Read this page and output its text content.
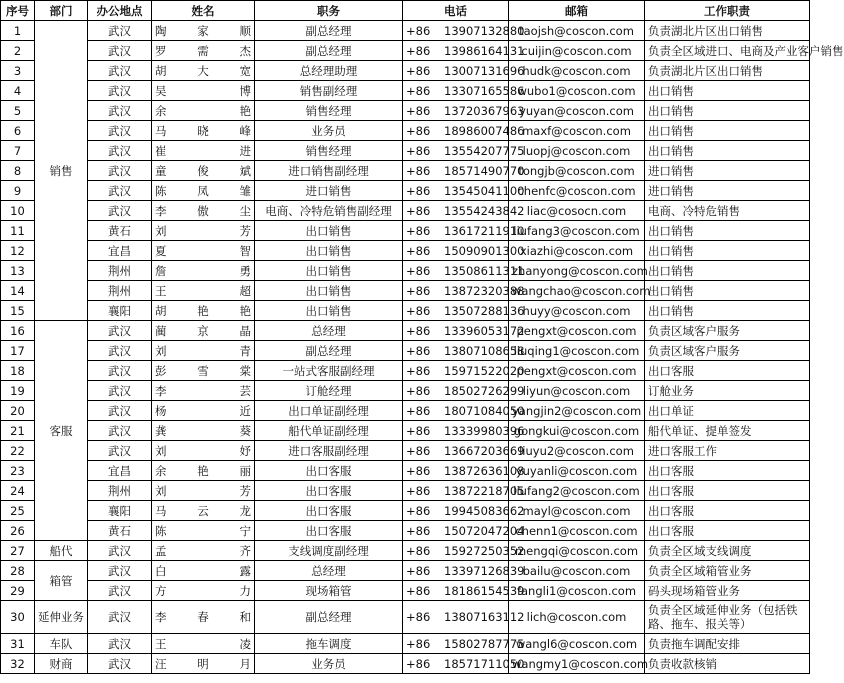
序号	部门	办公地点	姓名	职务	电话	邮箱	工作职责
1	销售	武汉	陶家顺	副总经理	+86 13907132880	taojsh@coscon.com	负责湖北片区出口销售
2		武汉	罗需杰	副总经理	+86 13986164131	cuijin@coscon.com	负责全区域进口、电商及产业客户销售
3		武汉	胡大宽	总经理助理	+86 13007131696	hudk@coscon.com	负责湖北片区出口销售
4		武汉	吴博	销售副经理	+86 13307165586	wubo1@coscon.com	出口销售
5		武汉	余艳	销售经理	+86 13720367963	yuyan@coscon.com	出口销售
6		武汉	马晓峰	业务员	+86 18986007486	maxf@coscon.com	出口销售
7		武汉	崔进	销售经理	+86 13554207775	luopj@coscon.com	出口销售
8		武汉	童俊斌	进口销售副经理	+86 18571490770	tongjb@coscon.com	进口销售
9		武汉	陈凤雏	进口销售	+86 13545041100	chenfc@coscon.com	进口销售
10		武汉	李傲尘	电商、冷特危销售副经理	+86 13554243842	liac@cosocn.com	电商、冷特危销售
11		黄石	刘芳	出口销售	+86 13617211910	liufang3@coscon.com	出口销售
12		宜昌	夏智	出口销售	+86 15090901300	xiazhi@coscon.com	出口销售
13		荆州	詹勇	出口销售	+86 13508611311	zhanyong@coscon.com	出口销售
14		荆州	王超	出口销售	+86 13872320388	wangchao@coscon.com	出口销售
15		襄阳	胡艳艳	出口销售	+86 13507288136	huyy@coscon.com	出口销售
16	客服	武汉	蔺京晶	总经理	+86 13396053172	pengxt@coscon.com	负责区域客户服务
17		武汉	刘青	副总经理	+86 13807108658	liuqing1@coscon.com	负责区域客户服务
18		武汉	彭雪棠	一站式客服副经理	+86 15971522020	pengxt@coscon.com	出口客服
19		武汉	李芸	订舱经理	+86 18502726299	liyun@coscon.com	订舱业务
20		武汉	杨近	出口单证副经理	+86 18071084050	yangjin2@coscon.com	出口单证
21		武汉	龚葵	船代单证副经理	+86 13339980396	gongkui@coscon.com	船代单证、提单签发
22		武汉	刘妤	进口客服副经理	+86 13667203669	liuyu2@coscon.com	进口客服工作
23		宜昌	余艳丽	出口客服	+86 13872636108	yuyanli@coscon.com	出口客服
24		荆州	刘芳	出口客服	+86 13872218705	liufang2@coscon.com	出口客服
25		襄阳	马云龙	出口客服	+86 19945083662	mayl@coscon.com	出口客服
26		黄石	陈宁	出口客服	+86 15072047204	chenn1@coscon.com	出口客服
27	船代	武汉	孟齐	支线调度副经理	+86 15927250352	mengqi@coscon.com	负责全区域支线调度
28	箱管	武汉	白露	总经理	+86 13397126839	bailu@coscon.com	负责全区域箱管业务
29		武汉	方力	现场箱管	+86 18186154539	fangli1@coscon.com	码头现场箱管业务
30	延伸业务	武汉	李春和	副总经理	+86 13807163112	lich@coscon.com	负责全区域延伸业务（包括铁路、拖车、报关等）
31	车队	武汉	王凌	拖车调度	+86 15802787775	wangl6@coscon.com	负责拖车调配安排
32	财商	武汉	汪明月	业务员	+86 18571711050	wangmy1@coscon.com	负责收款核销
